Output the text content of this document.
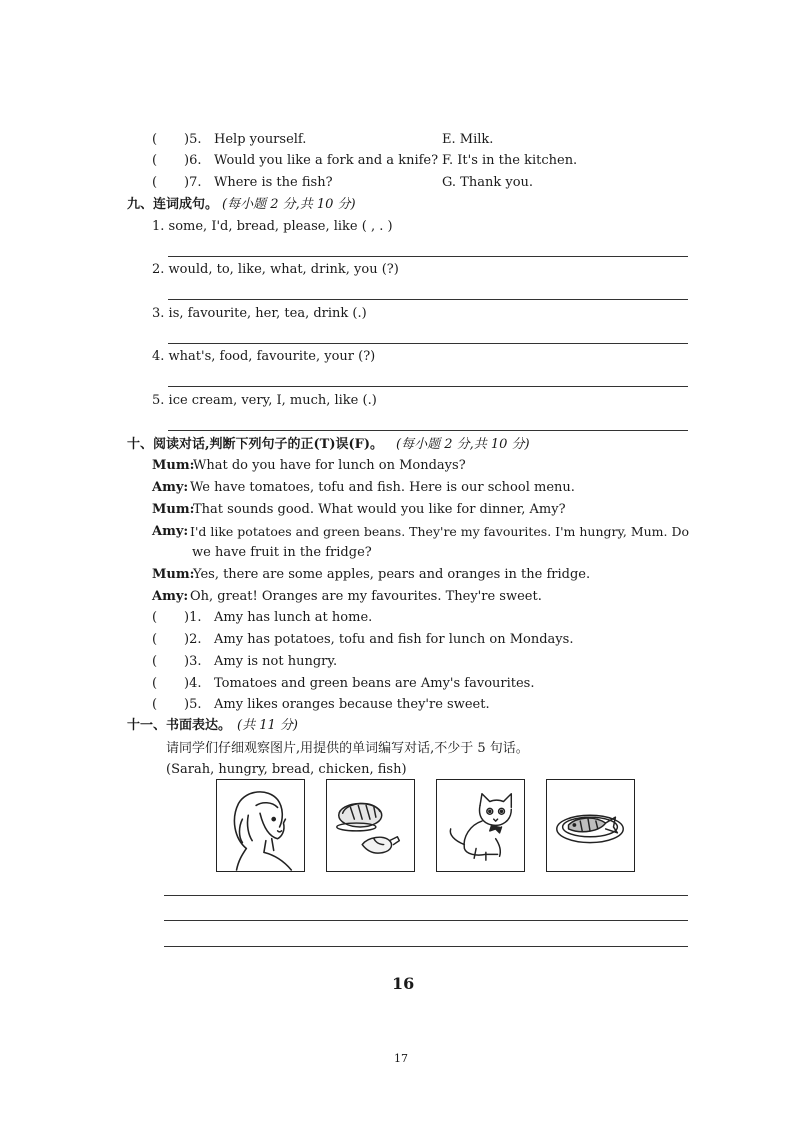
( )5. Help yourself.	E. Milk.
( )6. Would you like a fork and a knife? F. It's in the kitchen.
( )7. Where is the fish?	G. Thank you.
九、连词成句。 (每小题 2 分,共 10 分)
1. some, I'd, bread, please, like ( , . )
2. would, to, like, what, drink, you (?)
3. is, favourite, her, tea, drink (.)
4. what's, food, favourite, your (?)
5. ice cream, very, I, much, like (.)
十、阅读对话,判断下列句子的正(T)误(F)。 (每小题 2 分,共 10 分)
Mum:
What do you have for lunch on Mondays?
Amy: We have tomatoes, tofu and fish. Here is our school menu.
Mum:
That sounds good. What would you like for dinner, Amy?
Amy: I'd like potatoes and green beans. They're my favourites. I'm hungry, Mum. Do
we have fruit in the fridge?
Mum:
Yes, there are some apples, pears and oranges in the fridge.
Amy: Oh, great! Oranges are my favourites. They're sweet.
( )1. Amy has lunch at home.
( )2. Amy has potatoes, tofu and fish for lunch on Mondays.
( )3. Amy is not hungry.
( )4. Tomatoes and green beans are Amy's favourites.
( )5. Amy likes oranges because they're sweet.
十一、书面表达。 (共 11 分)
请同学们仔细观察图片,用提供的单词编写对话,不少于 5 句话。
(Sarah, hungry, bread, chicken, fish)
16
17
